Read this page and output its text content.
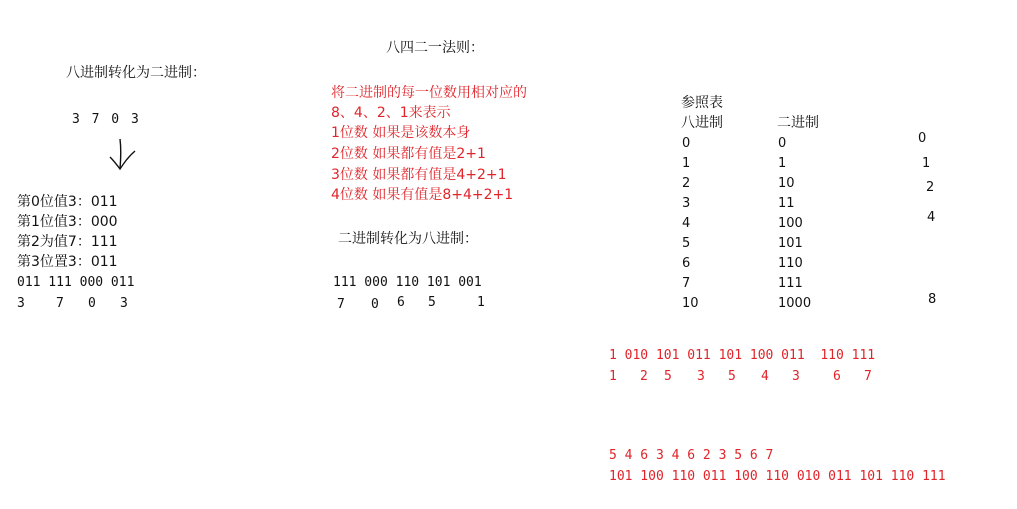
八进制转化为二进制：
3 7 0 3
第0位值3：011
第1位值3：000
第2为值7：111
第3位置3：011
011 111 000 011
3 7 0 3
八四二一法则：
将二进制的每一位数用相对应的
8、4、2、1来表示
1位数 如果是该数本身
2位数 如果都有值是2+1
3位数 如果都有值是4+2+1
4位数 如果有值是8+4+2+1
二进制转化为八进制：
111 000 110 101 001
7 0 6 5	1
参照表
八进制	二进制
0	0
1	1
2	10
3	11
4	100
5	101
6	110
7	111
10	1000
0
1
2
4
8
1 010 101 011 101 100 011  110 111
1 2 5 3 5 4 3	6 7
5 4 6 3 4 6 2 3 5 6 7
101 100 110 011 100 110 010 011 101 110 111
